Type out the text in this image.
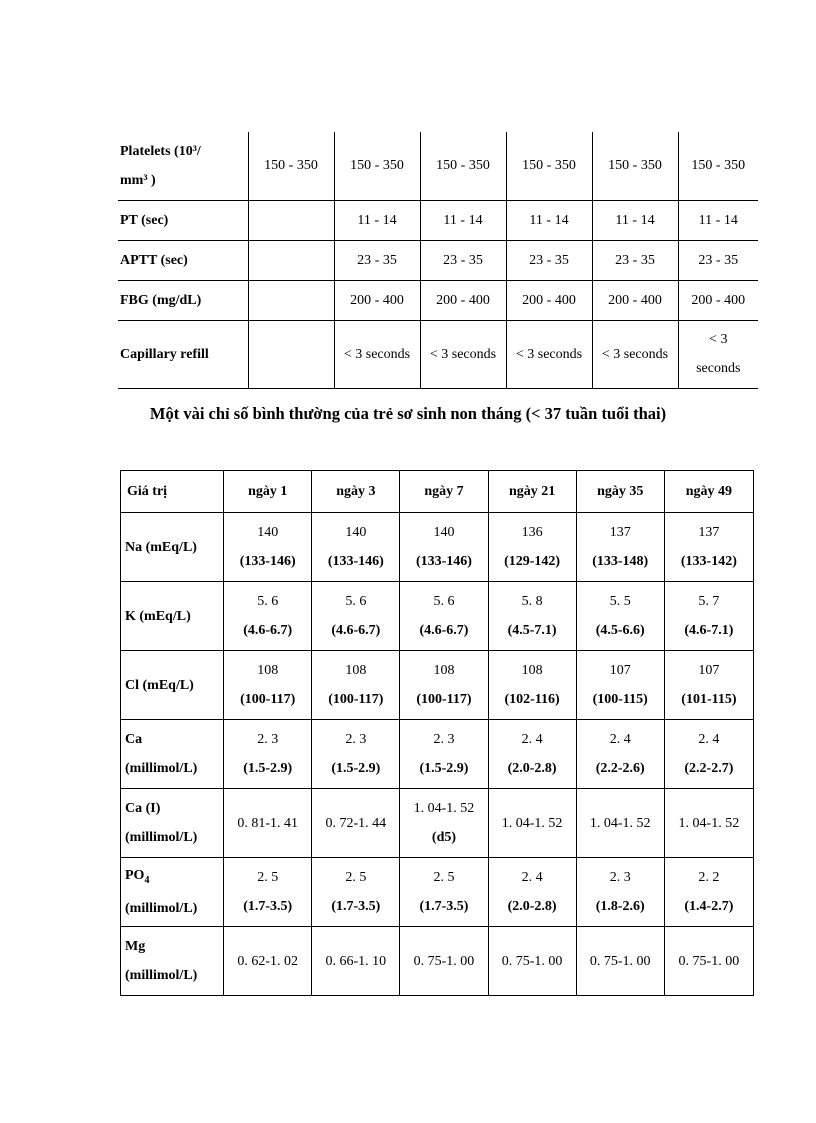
Platelets (10³/
mm³ )	150 - 350	150 - 350	150 - 350	150 - 350	150 - 350	150 - 350

PT (sec)		11 - 14	11 - 14	11 - 14	11 - 14	11 - 14

APTT (sec)		23 - 35	23 - 35	23 - 35	23 - 35	23 - 35

FBG (mg/dL)		200 - 400	200 - 400	200 - 400	200 - 400	200 - 400

Capillary refill		< 3 seconds	< 3 seconds	< 3 seconds	< 3 seconds	< 3
seconds
Một vài chỉ số bình thường của trẻ sơ sinh non tháng (< 37 tuần tuổi thai)
Giá trị	ngày 1	ngày 3	ngày 7	ngày 21	ngày 35	ngày 49

Na (mEq/L)	140
(133-146)	140
(133-146)	140
(133-146)	136
(129-142)	137
(133-148)	137
(133-142)

K (mEq/L)	5. 6
(4.6-6.7)	5. 6
(4.6-6.7)	5. 6
(4.6-6.7)	5. 8
(4.5-7.1)	5. 5
(4.5-6.6)	5. 7
(4.6-7.1)

Cl (mEq/L)	108
(100-117)	108
(100-117)	108
(100-117)	108
(102-116)	107
(100-115)	107
(101-115)

Ca
(millimol/L)	2. 3
(1.5-2.9)	2. 3
(1.5-2.9)	2. 3
(1.5-2.9)	2. 4
(2.0-2.8)	2. 4
(2.2-2.6)	2. 4
(2.2-2.7)

Ca (I)
(millimol/L)	0. 81-1. 41	0. 72-1. 44	1. 04-1. 52
(d5)	1. 04-1. 52	1. 04-1. 52	1. 04-1. 52

$PO_4$
(millimol/L)	2. 5
(1.7-3.5)	2. 5
(1.7-3.5)	2. 5
(1.7-3.5)	2. 4
(2.0-2.8)	2. 3
(1.8-2.6)	2. 2
(1.4-2.7)

Mg
(millimol/L)	0. 62-1. 02	0. 66-1. 10	0. 75-1. 00	0. 75-1. 00	0. 75-1. 00	0. 75-1. 00
